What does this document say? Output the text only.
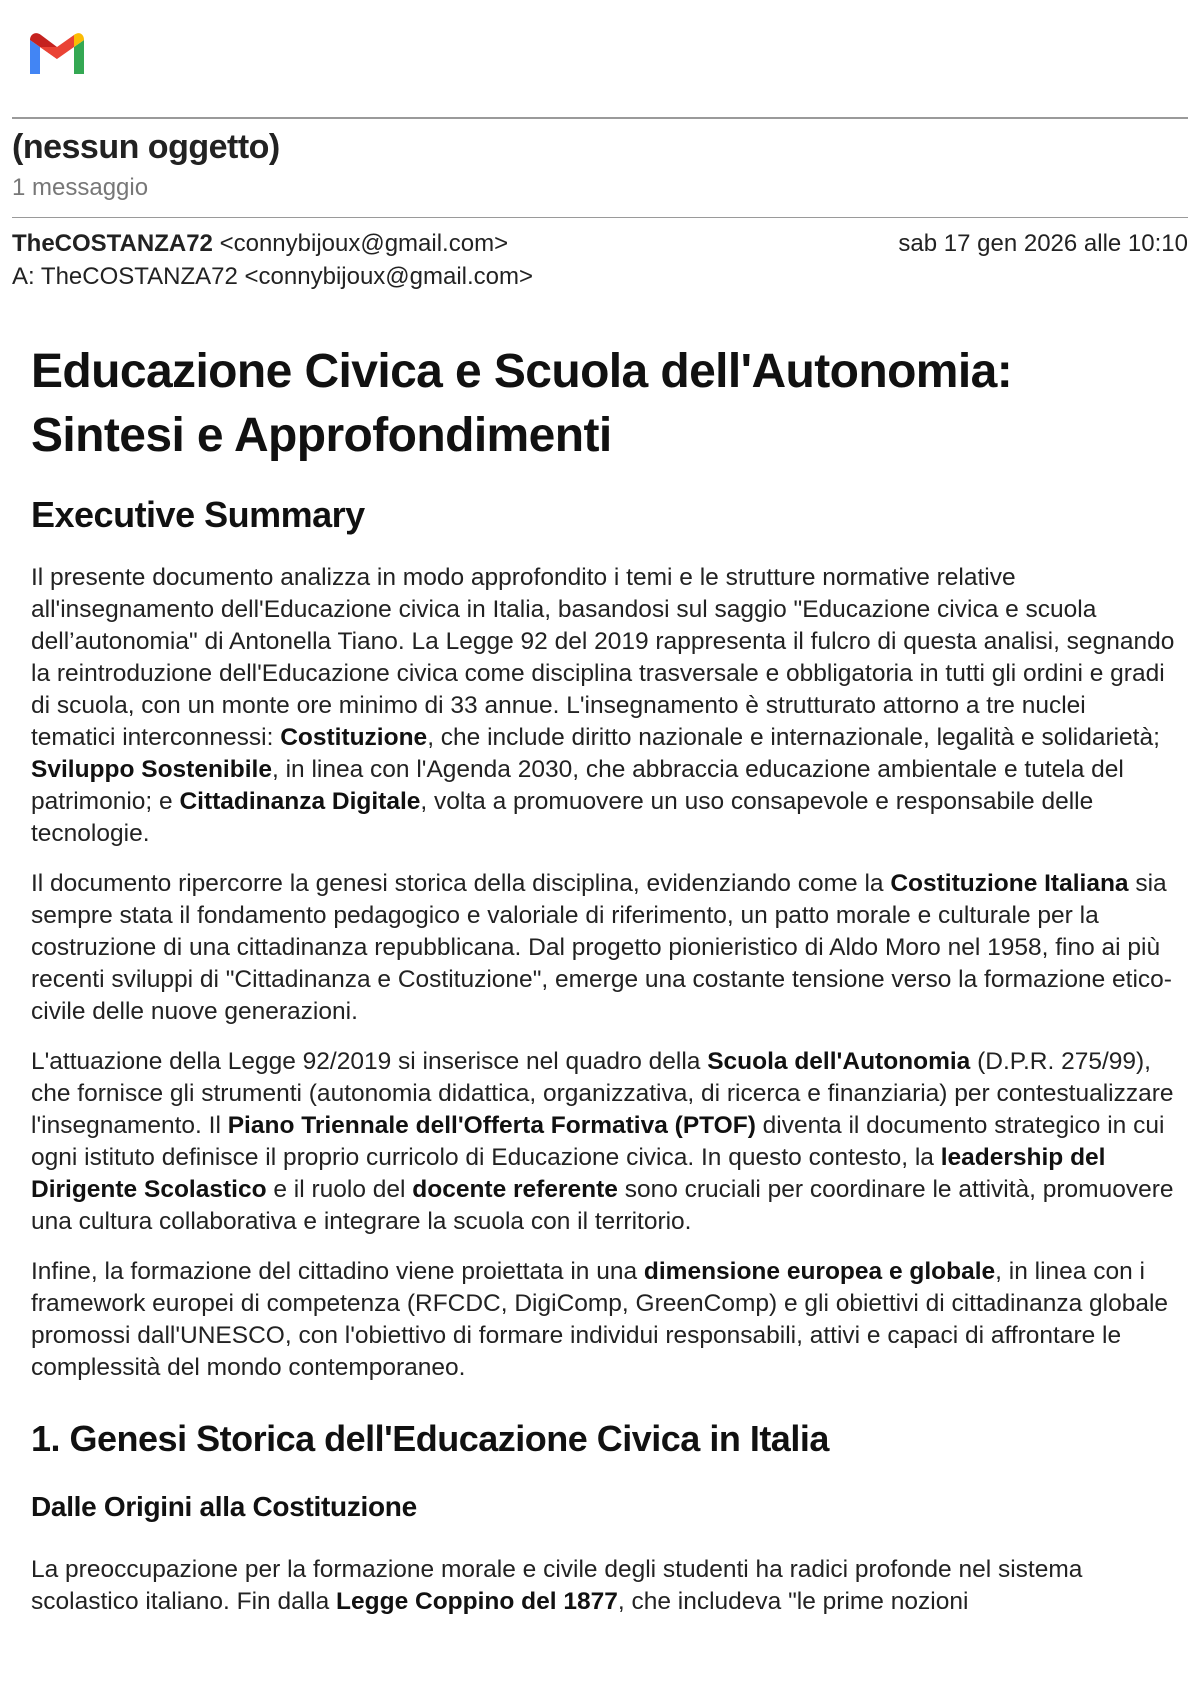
(nessun oggetto)
1 messaggio
TheCOSTANZA72 <connybijoux@gmail.com>	sab 17 gen 2026 alle 10:10
A: TheCOSTANZA72 <connybijoux@gmail.com>
Educazione Civica e Scuola dell'Autonomia:
Sintesi e Approfondimenti
Executive Summary

Il presente documento analizza in modo approfondito i temi e le strutture normative relative all'insegnamento dell'Educazione civica in Italia, basandosi sul saggio "Educazione civica e scuola dell’autonomia" di Antonella Tiano. La Legge 92 del 2019 rappresenta il fulcro di questa analisi, segnando la reintroduzione dell'Educazione civica come disciplina trasversale e obbligatoria in tutti gli ordini e gradi di scuola, con un monte ore minimo di 33 annue. L'insegnamento è strutturato attorno a tre nuclei tematici interconnessi: Costituzione, che include diritto nazionale e internazionale, legalità e solidarietà; Sviluppo Sostenibile, in linea con l'Agenda 2030, che abbraccia educazione ambientale e tutela del patrimonio; e Cittadinanza Digitale, volta a promuovere un uso consapevole e responsabile delle tecnologie.

Il documento ripercorre la genesi storica della disciplina, evidenziando come la Costituzione Italiana sia sempre stata il fondamento pedagogico e valoriale di riferimento, un patto morale e culturale per la costruzione di una cittadinanza repubblicana. Dal progetto pionieristico di Aldo Moro nel 1958, fino ai più recenti sviluppi di "Cittadinanza e Costituzione", emerge una costante tensione verso la formazione etico-civile delle nuove generazioni.

L'attuazione della Legge 92/2019 si inserisce nel quadro della Scuola dell'Autonomia (D.P.R. 275/99), che fornisce gli strumenti (autonomia didattica, organizzativa, di ricerca e finanziaria) per contestualizzare l'insegnamento. Il Piano Triennale dell'Offerta Formativa (PTOF) diventa il documento strategico in cui ogni istituto definisce il proprio curricolo di Educazione civica. In questo contesto, la leadership del Dirigente Scolastico e il ruolo del docente referente sono cruciali per coordinare le attività, promuovere una cultura collaborativa e integrare la scuola con il territorio.

Infine, la formazione del cittadino viene proiettata in una dimensione europea e globale, in linea con i framework europei di competenza (RFCDC, DigiComp, GreenComp) e gli obiettivi di cittadinanza globale promossi dall'UNESCO, con l'obiettivo di formare individui responsabili, attivi e capaci di affrontare le complessità del mondo contemporaneo.

1. Genesi Storica dell'Educazione Civica in Italia
Dalle Origini alla Costituzione

La preoccupazione per la formazione morale e civile degli studenti ha radici profonde nel sistema scolastico italiano. Fin dalla Legge Coppino del 1877, che includeva "le prime nozioni
